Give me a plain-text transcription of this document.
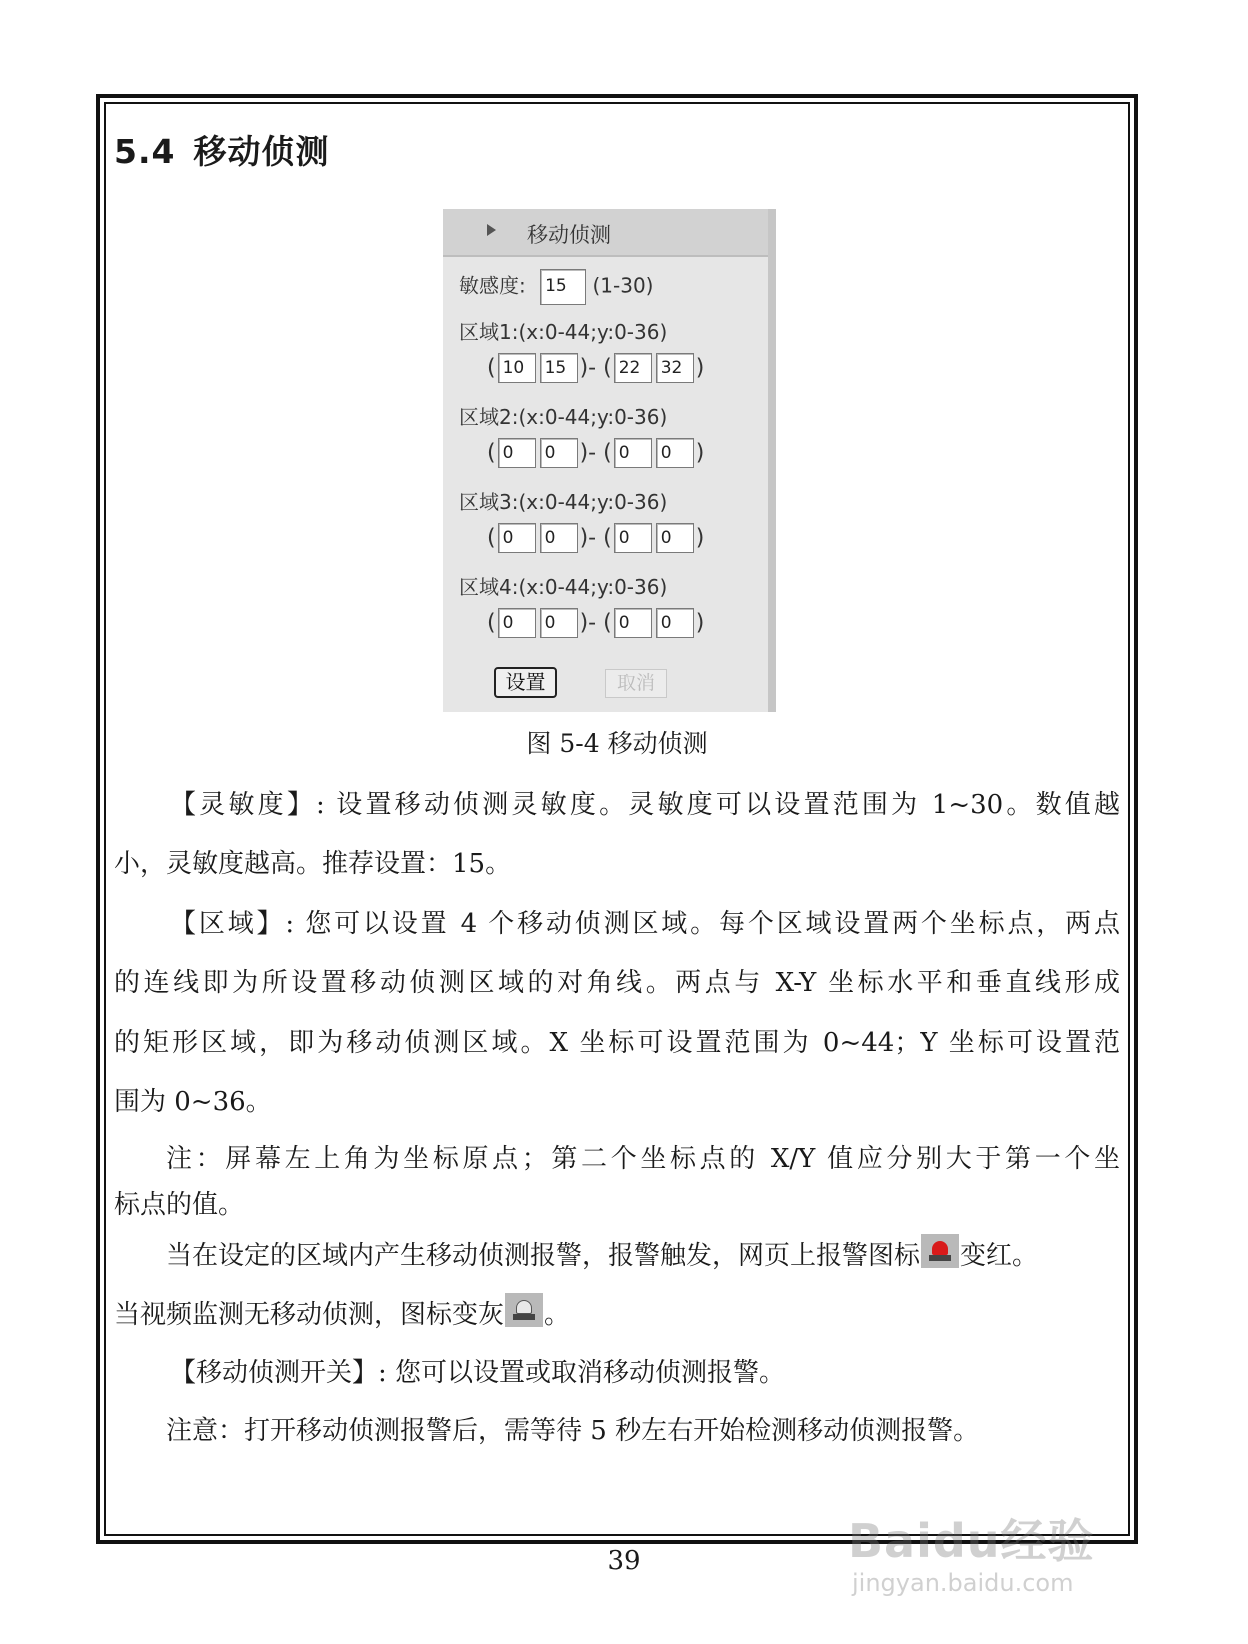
5.4 移动侦测
移动侦测
敏感度: 15 (1-30)
区域1:(x:0-44;y:0-36)
( 10 15 )- ( 22 32 )
区域2:(x:0-44;y:0-36)
( 0 0 )- ( 0 0 )
区域3:(x:0-44;y:0-36)
( 0 0 )- ( 0 0 )
区域4:(x:0-44;y:0-36)
( 0 0 )- ( 0 0 )
设置	取消
图 5-4 移动侦测
【灵敏度】: 设置移动侦测灵敏度。灵敏度可以设置范围为 1~30。数值越
小，灵敏度越高。推荐设置：15。
【区域】: 您可以设置 4 个移动侦测区域。每个区域设置两个坐标点，两点
的连线即为所设置移动侦测区域的对角线。两点与 X-Y 坐标水平和垂直线形成
的矩形区域，即为移动侦测区域。X 坐标可设置范围为 0~44；Y 坐标可设置范
围为 0~36。
注：屏幕左上角为坐标原点；第二个坐标点的 X/Y 值应分别大于第一个坐
标点的值。
当在设定的区域内产生移动侦测报警，报警触发，网页上报警图标 变红。
当视频监测无移动侦测，图标变灰 。
【移动侦测开关】: 您可以设置或取消移动侦测报警。
注意：打开移动侦测报警后，需等待 5 秒左右开始检测移动侦测报警。
39	Baidu经验
jingyan.baidu.com
